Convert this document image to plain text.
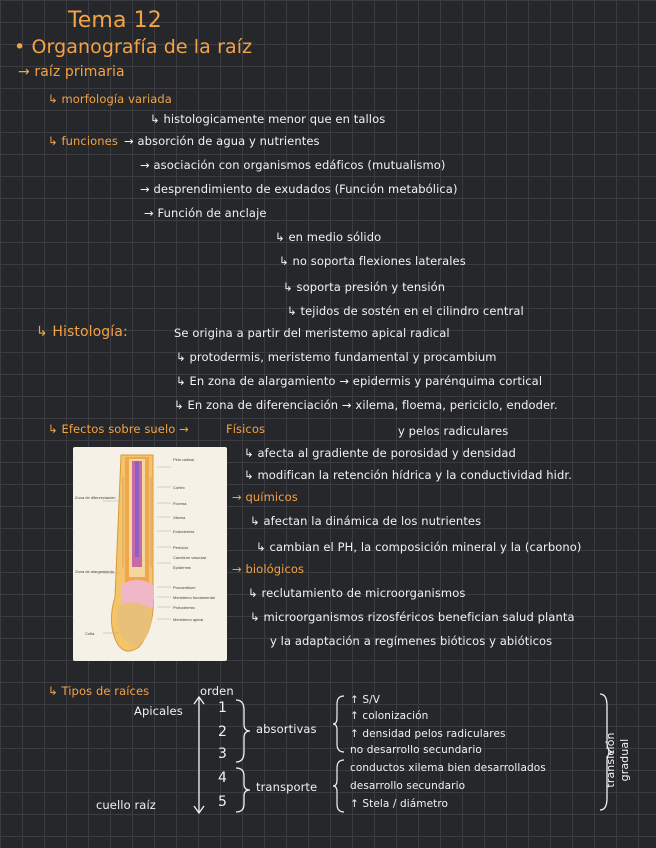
Tema 12
• Organografía de la raíz
→ raíz primaria
↳ morfología variada
↳ histologicamente menor que en tallos
↳ funciones → absorción de agua y nutrientes
→ asociación con organismos edáficos (mutualismo)
→ desprendimiento de exudados (Función metabólica)
→ Función de anclaje
↳ en medio sólido
↳ no soporta flexiones laterales
↳ soporta presión y tensión
↳ tejidos de sostén en el cilindro central
↳ Histología:	Se origina a partir del meristemo apical radical
↳ protodermis, meristemo fundamental y procambium
↳ En zona de alargamiento → epidermis y parénquima cortical
↳ En zona de diferenciación → xilema, floema, periciclo, endoder.
y pelos radiculares
↳ Efectos sobre suelo →	Físicos
↳ afecta al gradiente de porosidad y densidad
↳ modifican la retención hídrica y la conductividad hidr.
→ químicos
↳ afectan la dinámica de los nutrientes
↳ cambian el PH, la composición mineral y la (carbono)
→ biológicos
↳ reclutamiento de microorganismos
↳ microorganismos rizosféricos benefician salud planta
y la adaptación a regímenes bióticos y abióticos
Pelo radical
Córtex
Floema
Xilema
Endodermis
Periciclo
Cambium vascular
Epidermis
Procambium
Meristemo fundamental
Protodermis
Meristemo apical
Zona de diferenciación
Zona de alargamiento
Cofia
↳ Tipos de raíces	orden
Apicales
cuello raíz
1
2
3
4
5
absortivas
transporte
↑ S/V
↑ colonización
↑ densidad pelos radiculares
no desarrollo secundario
conductos xilema bien desarrollados
desarrollo secundario
↑ Stela / diámetro
transición gradual
